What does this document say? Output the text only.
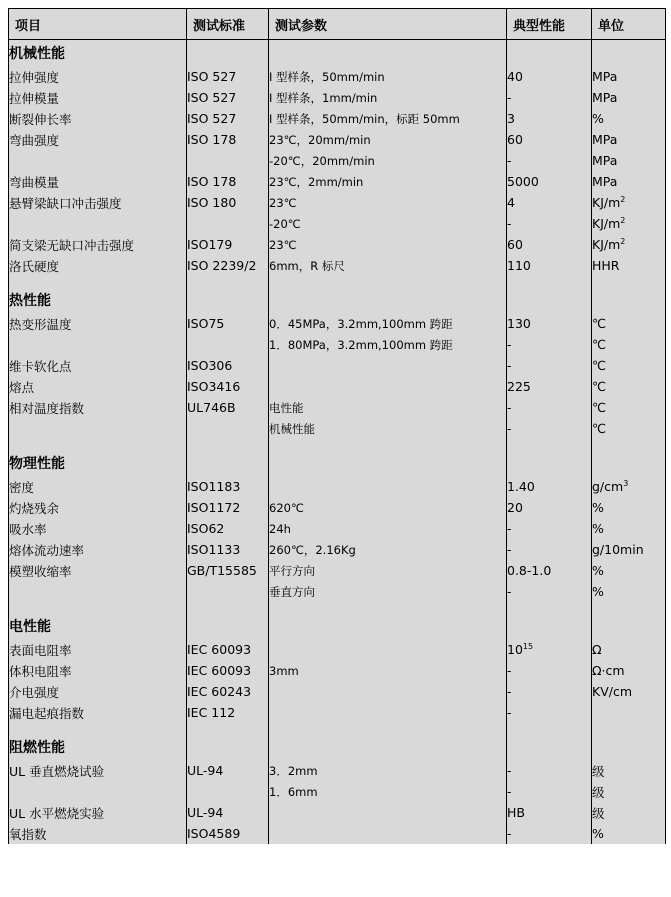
项目	测试标准	测试参数	典型性能	单位
机械性能				
拉伸强度	ISO 527	I 型样条，50mm/min	40	MPa
拉伸模量	ISO 527	I 型样条，1mm/min	-	MPa
断裂伸长率	ISO 527	I 型样条，50mm/min，标距 50mm	3	%
弯曲强度	ISO 178	23℃，20mm/min	60	MPa
		-20℃，20mm/min	-	MPa
弯曲模量	ISO 178	23℃，2mm/min	5000	MPa
悬臂梁缺口冲击强度	ISO 180	23℃	4	$KJ/m^2$
		-20℃	-	$KJ/m^2$
简支梁无缺口冲击强度	ISO179	23℃	60	$KJ/m^2$
洛氏硬度	ISO 2239/2	6mm，R 标尺	110	HHR

热性能				
热变形温度	ISO75	0．45MPa，3.2mm,100mm 跨距	130	℃
		1．80MPa，3.2mm,100mm 跨距	-	℃
维卡软化点	ISO306		-	℃
熔点	ISO3416		225	℃
相对温度指数	UL746B	电性能	-	℃
		机械性能	-	℃

物理性能				
密度	ISO1183		1.40	$g/cm^3$
灼烧残余	ISO1172	620℃	20	%
吸水率	ISO62	24h	-	%
熔体流动速率	ISO1133	260℃，2.16Kg	-	g/10min
模塑收缩率	GB/T15585	平行方向	0.8-1.0	%
		垂直方向	-	%

电性能				
表面电阻率	IEC 60093		$10^{15}$	Ω
体积电阻率	IEC 60093	3mm	-	Ω·cm
介电强度	IEC 60243		-	KV/cm
漏电起痕指数	IEC 112		-	

阻燃性能				
UL 垂直燃烧试验	UL-94	3．2mm	-	级
		1．6mm	-	级
UL 水平燃烧实验	UL-94		HB	级
氧指数	ISO4589		-	%
